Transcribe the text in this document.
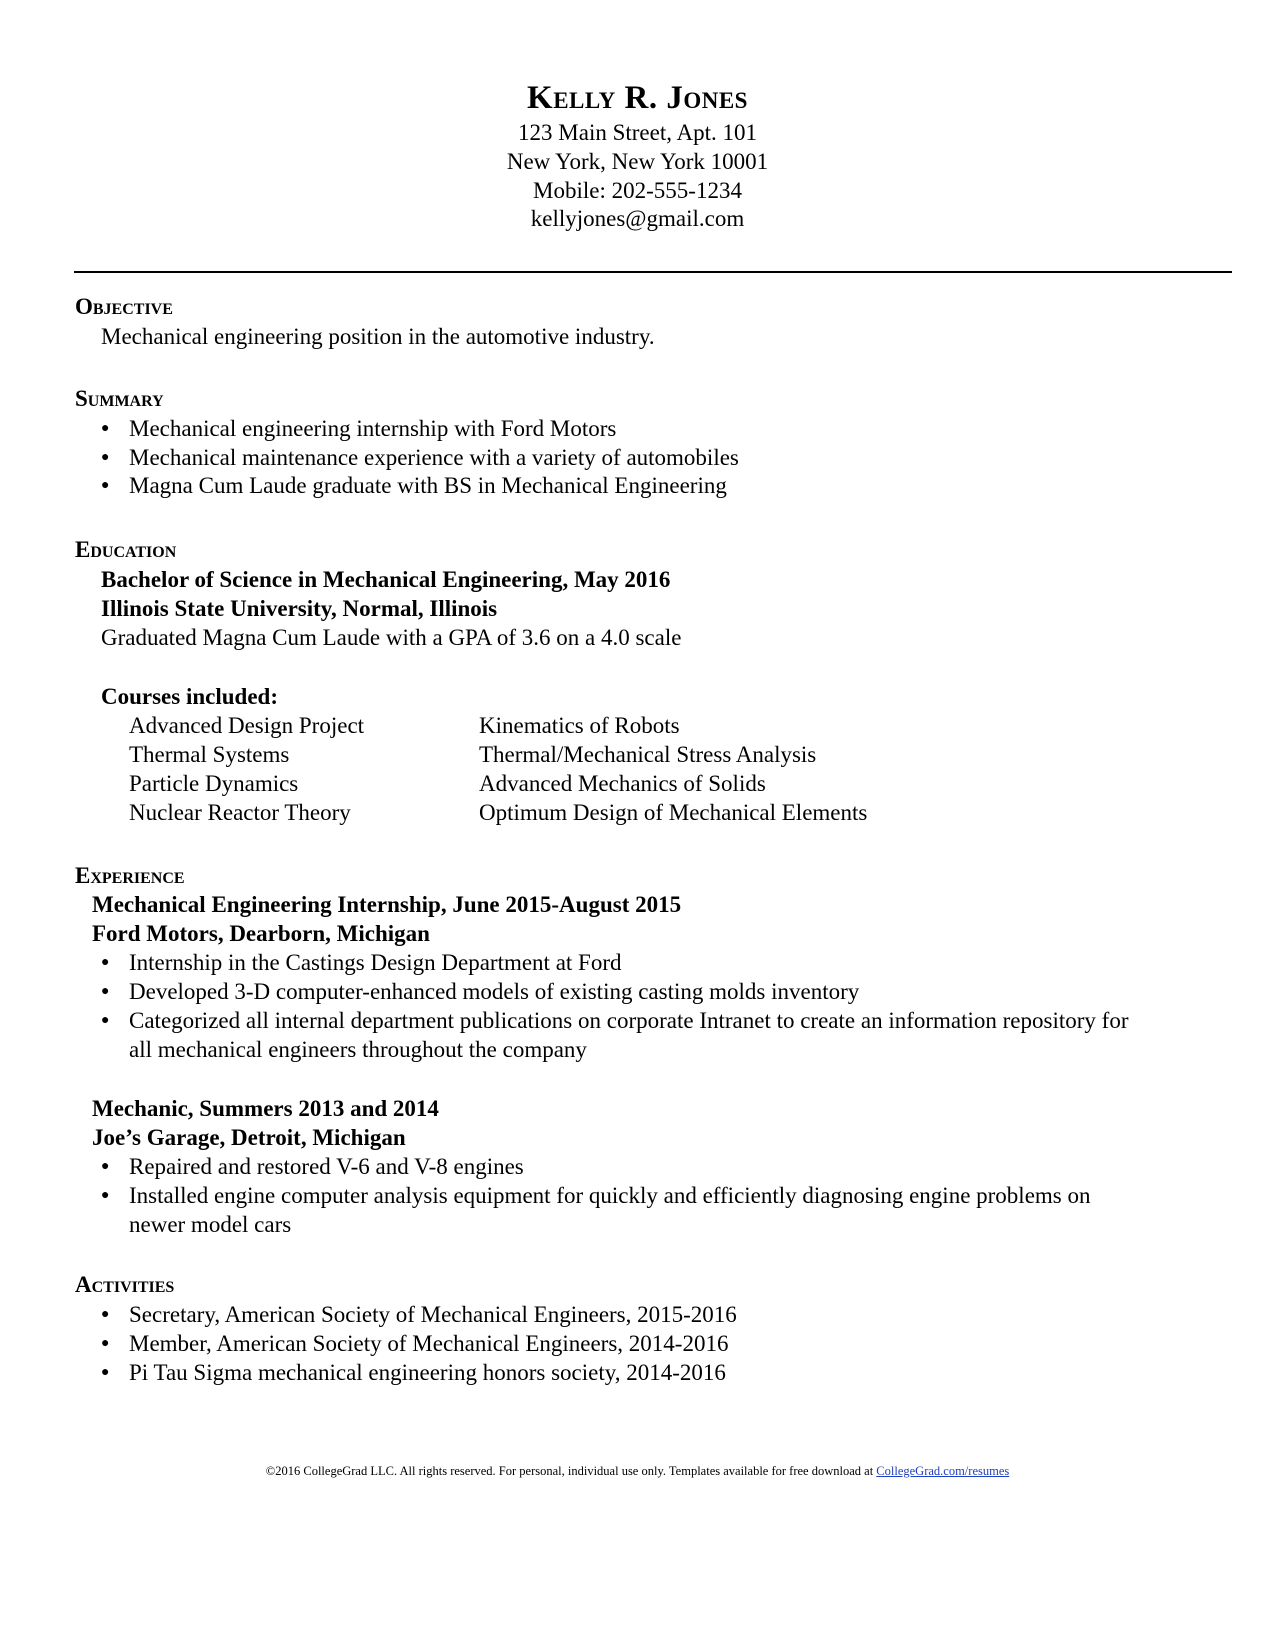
Kelly R. Jones
123 Main Street, Apt. 101
New York, New York 10001
Mobile: 202-555-1234
kellyjones@gmail.com
Objective
Mechanical engineering position in the automotive industry.
Summary
● Mechanical engineering internship with Ford Motors
● Mechanical maintenance experience with a variety of automobiles
● Magna Cum Laude graduate with BS in Mechanical Engineering
Education
Bachelor of Science in Mechanical Engineering, May 2016
Illinois State University, Normal, Illinois
Graduated Magna Cum Laude with a GPA of 3.6 on a 4.0 scale
Courses included:
Advanced Design Project
Thermal Systems
Particle Dynamics
Nuclear Reactor Theory
Kinematics of Robots
Thermal/Mechanical Stress Analysis
Advanced Mechanics of Solids
Optimum Design of Mechanical Elements
Experience
Mechanical Engineering Internship, June 2015-August 2015
Ford Motors, Dearborn, Michigan
● Internship in the Castings Design Department at Ford
● Developed 3-D computer-enhanced models of existing casting molds inventory
● Categorized all internal department publications on corporate Intranet to create an information repository for
all mechanical engineers throughout the company
Mechanic, Summers 2013 and 2014
Joe’s Garage, Detroit, Michigan
● Repaired and restored V-6 and V-8 engines
● Installed engine computer analysis equipment for quickly and efficiently diagnosing engine problems on
newer model cars
Activities
● Secretary, American Society of Mechanical Engineers, 2015-2016
● Member, American Society of Mechanical Engineers, 2014-2016
● Pi Tau Sigma mechanical engineering honors society, 2014-2016
©2016 CollegeGrad LLC. All rights reserved. For personal, individual use only. Templates available for free download at CollegeGrad.com/resumes
